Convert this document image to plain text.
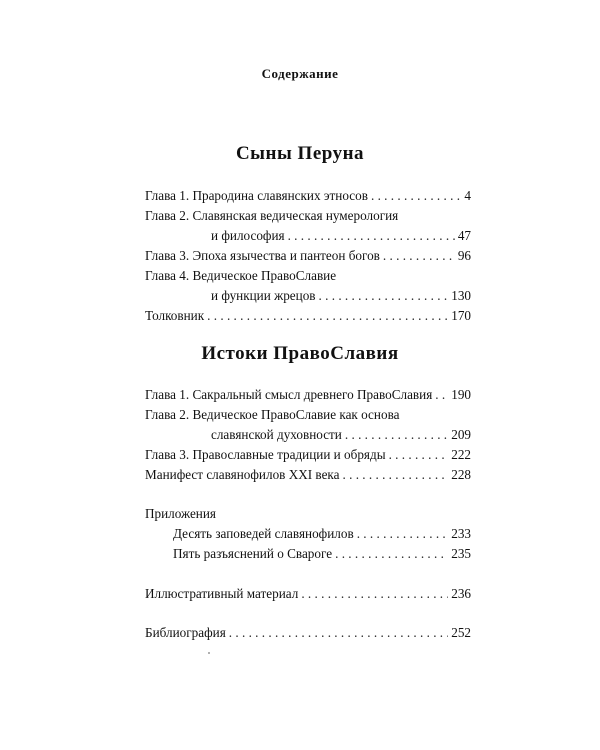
Содержание
Сыны Перуна
Глава 1. Прародина славянских этносов . . .	4
Глава 2. Славянская ведическая нумерология
и философия . . .	47
Глава 3. Эпоха язычества и пантеон богов . . .	96
Глава 4. Ведическое ПравоСлавие
и функции жрецов . . .	130
Толковник . . .	170
Истоки ПравоСлавия
Глава 1. Сакральный смысл древнего ПравоСлавия . . . 190
Глава 2. Ведическое ПравоСлавие как основа
славянской духовности . . .	209
Глава 3. Православные традиции и обряды . . .	222
Манифест славянофилов XXI века . . .	228
Приложения
Десять заповедей славянофилов . . .	233
Пять разъяснений о Свароге . . .	235
Иллюстративный материал . . .	236
Библиография . . .	252
